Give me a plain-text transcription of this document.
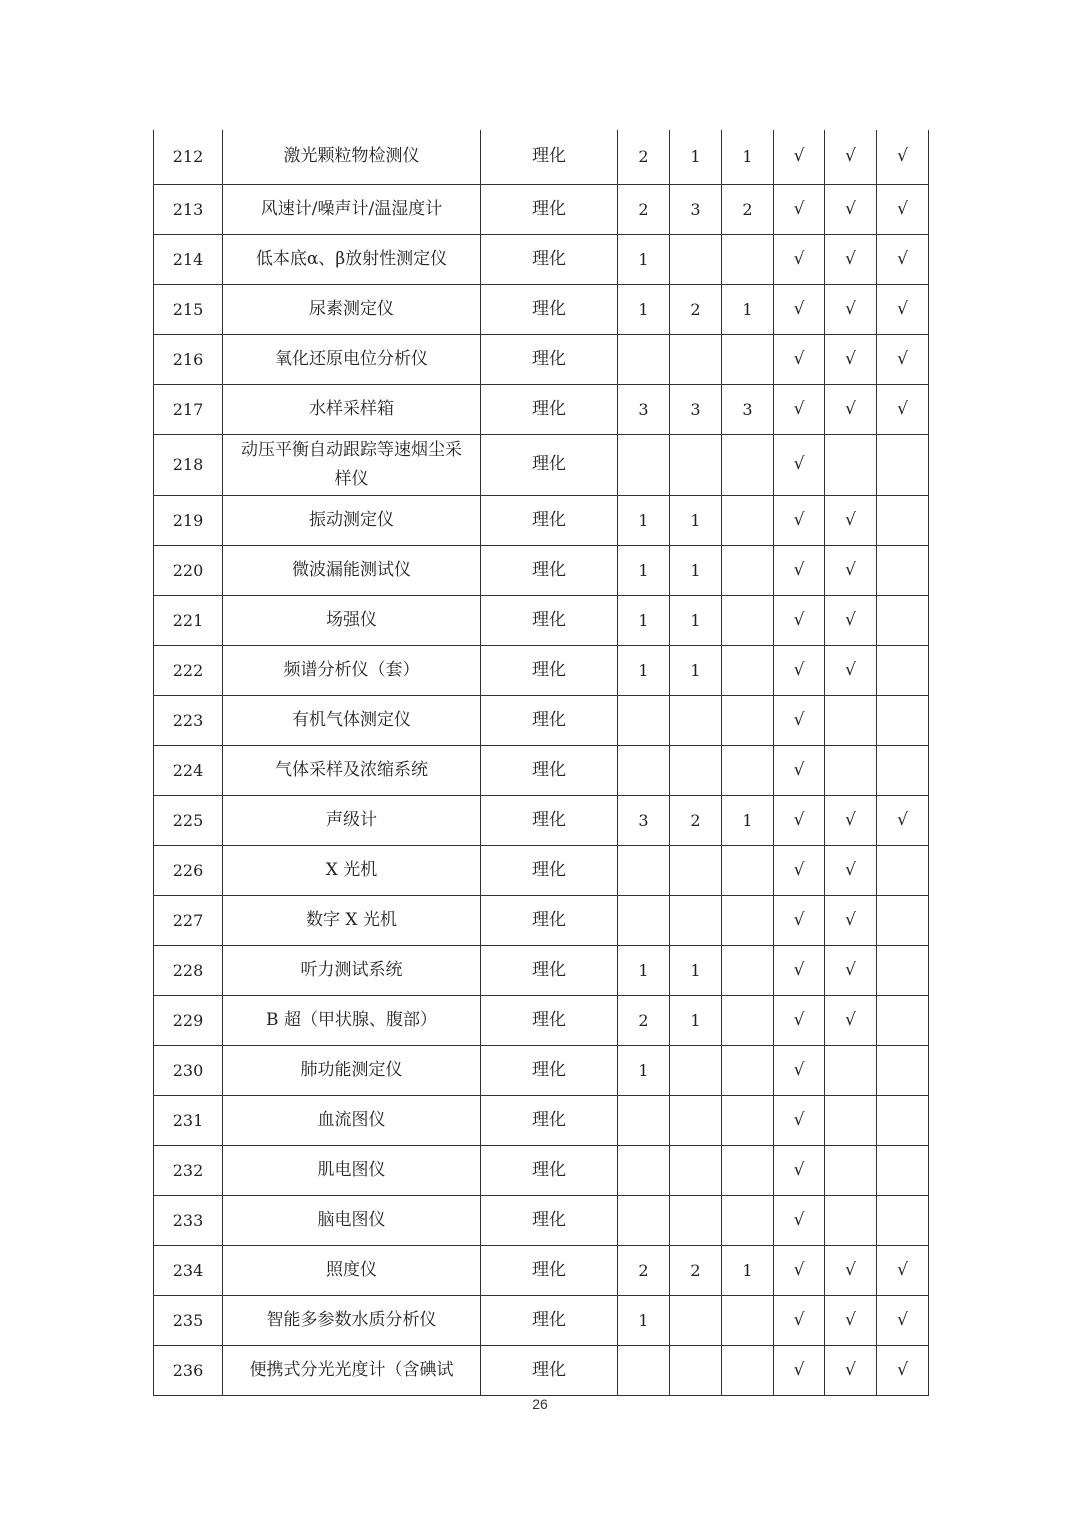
212	激光颗粒物检测仪	理化	2	1	1	√	√	√
213	风速计/噪声计/温湿度计	理化	2	3	2	√	√	√
214	低本底α、β放射性测定仪	理化	1			√	√	√
215	尿素测定仪	理化	1	2	1	√	√	√
216	氧化还原电位分析仪	理化				√	√	√
217	水样采样箱	理化	3	3	3	√	√	√
218	动压平衡自动跟踪等速烟尘采样仪	理化				√		
219	振动测定仪	理化	1	1		√	√	
220	微波漏能测试仪	理化	1	1		√	√	
221	场强仪	理化	1	1		√	√	
222	频谱分析仪（套）	理化	1	1		√	√	
223	有机气体测定仪	理化				√		
224	气体采样及浓缩系统	理化				√		
225	声级计	理化	3	2	1	√	√	√
226	X 光机	理化				√	√	
227	数字 X 光机	理化				√	√	
228	听力测试系统	理化	1	1		√	√	
229	B 超（甲状腺、腹部）	理化	2	1		√	√	
230	肺功能测定仪	理化	1			√		
231	血流图仪	理化				√		
232	肌电图仪	理化				√		
233	脑电图仪	理化				√		
234	照度仪	理化	2	2	1	√	√	√
235	智能多参数水质分析仪	理化	1			√	√	√
236	便携式分光光度计（含碘试	理化				√	√	√
26
